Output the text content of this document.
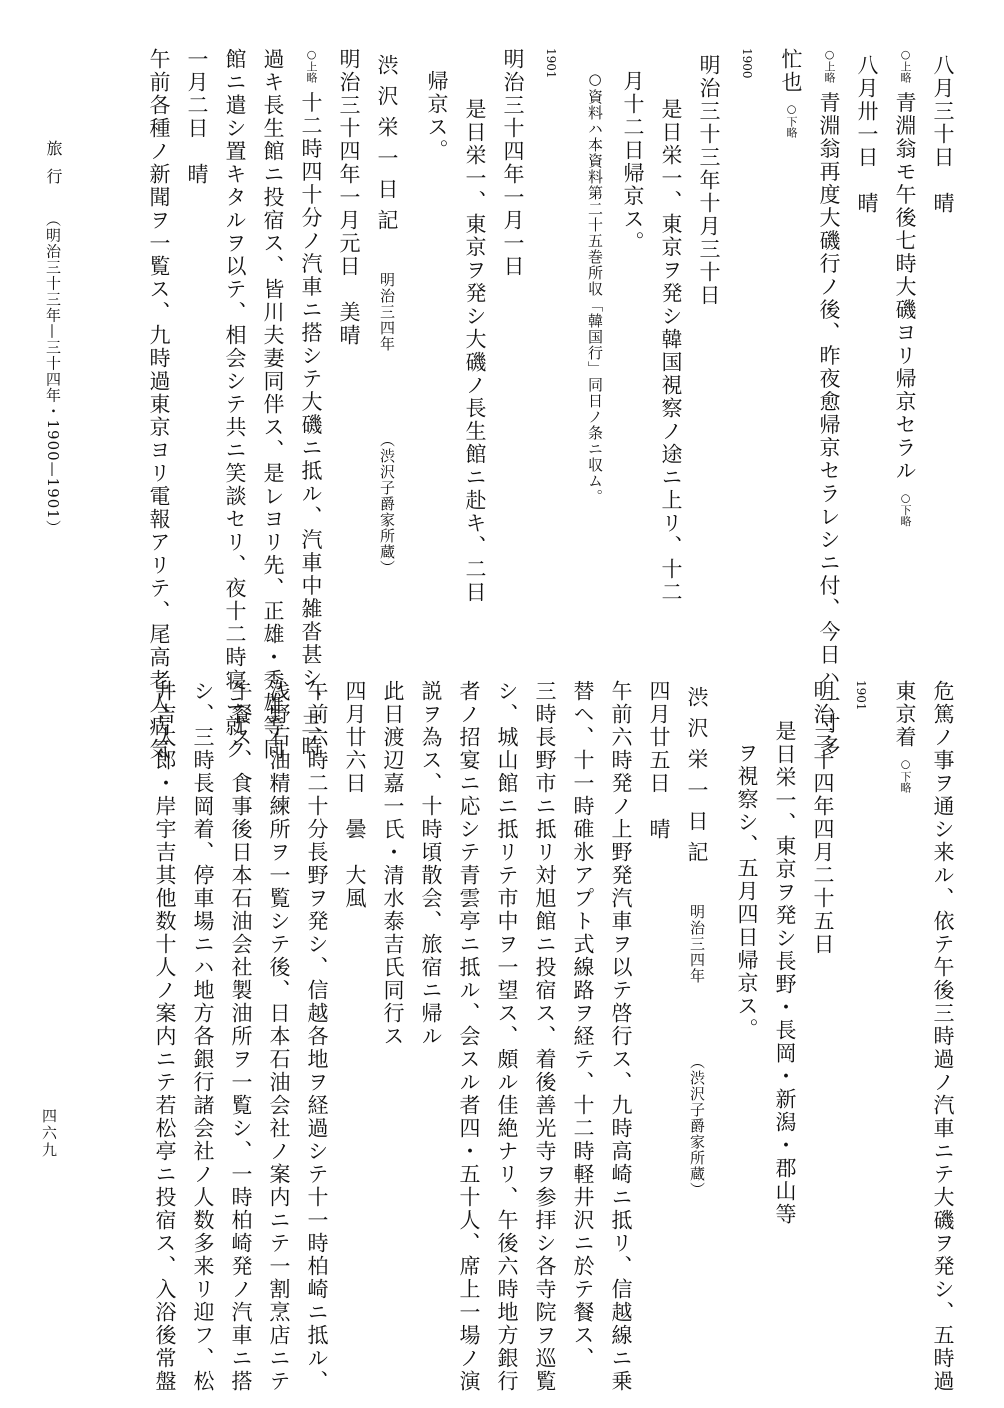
八月三十日　晴
○上略 青淵翁モ午後七時大磯ヨリ帰京セラル ○下略
八月卅一日　晴
○上略 青淵翁再度大磯行ノ後、昨夜愈帰京セラレシニ付、今日ハ一寸多
忙也 ○下略
1900
明治三十三年十月三十日
是日栄一、東京ヲ発シ韓国視察ノ途ニ上リ、十二
月十二日帰京ス。
○資料ハ本資料第二十五巻所収「韓国行」同日ノ条ニ収ム。
1901
明治三十四年一月一日
是日栄一、東京ヲ発シ大磯ノ長生館ニ赴キ、二日
帰京ス。
渋沢栄一日記　 明治三四年（渋沢子爵家所蔵）
明治三十四年一月元日　美晴
○上略 十二時四十分ノ汽車ニ搭シテ大磯ニ抵ル、汽車中雑沓甚シ、三時
過キ長生館ニ投宿ス、皆川夫妻同伴ス、是レヨリ先、正雄・秀雄等同
館ニ遣シ置キタルヲ以テ、相会シテ共ニ笑談セリ、夜十二時寝ニ就ク
一月二日　晴
午前各種ノ新聞ヲ一覧ス、九時過東京ヨリ電報アリテ、尾高老人病気
危篤ノ事ヲ通シ来ル、依テ午後三時過ノ汽車ニテ大磯ヲ発シ、五時過
東京着 ○下略
1901
明治三十四年四月二十五日
是日栄一、東京ヲ発シ長野・長岡・新潟・郡山等
ヲ視察シ、五月四日帰京ス。
渋沢栄一日記　 明治三四年（渋沢子爵家所蔵）
四月廿五日　晴
午前六時発ノ上野発汽車ヲ以テ啓行ス、九時高崎ニ抵リ、信越線ニ乗
替ヘ、十一時碓氷アプト式線路ヲ経テ、十二時軽井沢ニ於テ餐ス、
三時長野市ニ抵リ対旭館ニ投宿ス、着後善光寺ヲ参拝シ各寺院ヲ巡覧
シ、城山館ニ抵リテ市中ヲ一望ス、頗ル佳絶ナリ、午後六時地方銀行
者ノ招宴ニ応シテ青雲亭ニ抵ル、会スル者四・五十人、席上一場ノ演
説ヲ為ス、十時頃散会、旅宿ニ帰ル
此日渡辺嘉一氏・清水泰吉氏同行ス
四月廿六日　曇　大風
午前六時二十分長野ヲ発シ、信越各地ヲ経過シテ十一時柏崎ニ抵ル、
浅野石油精練所ヲ一覧シテ後、日本石油会社ノ案内ニテ一割烹店ニテ
午餐ス、食事後日本石油会社製油所ヲ一覧シ、一時柏崎発ノ汽車ニ搭
シ、三時長岡着、停車場ニハ地方各銀行諸会社ノ人数多来リ迎フ、松
井吉太郎・岸宇吉其他数十人ノ案内ニテ若松亭ニ投宿ス、入浴後常盤
旅行　（明治三十三年—三十四年・1900—1901）
四六九
